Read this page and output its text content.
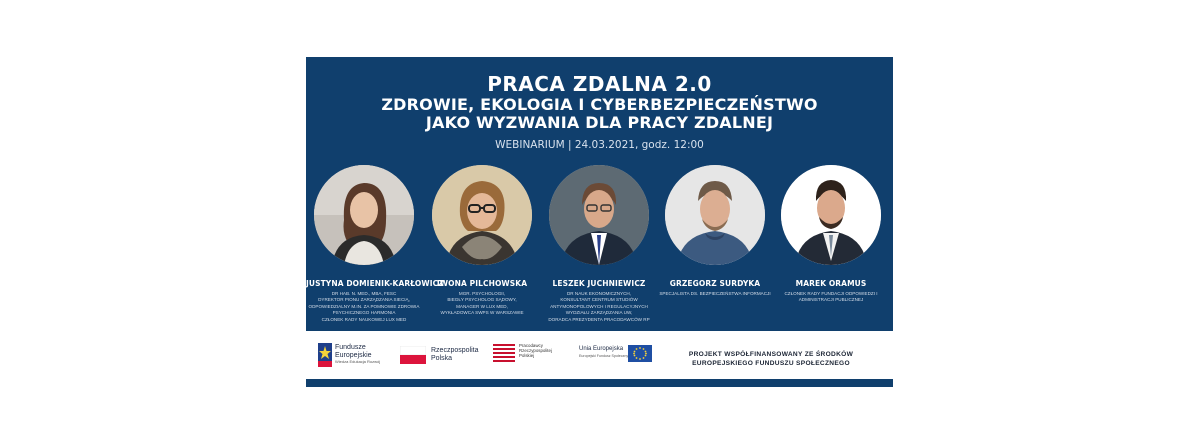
PRACA ZDALNA 2.0
ZDROWIE, EKOLOGIA I CYBERBEZPIECZEŃSTWO
JAKO WYZWANIA DLA PRACY ZDALNEJ
WEBINARIUM | 24.03.2021, godz. 12:00
JUSTYNA DOMIENIK-KARŁOWICZ
DR HAB. N. MED., MBA, FESC
DYREKTOR PIONU ZARZĄDZANIA SIECIĄ,
ODPOWIEDZIALNY M.IN. ZA POMNOWIE ZDROWIA
PSYCHICZNEGO HARMONIA
CZŁONEK RADY NAUKOWEJ LUX MED
IWONA PILCHOWSKA
MGR. PSYCHOLOGII,
BIEGŁY PSYCHOLOG SĄDOWY,
MANAGER W LUX MED,
WYKŁADOWCA SWPS W WARSZAWIE
LESZEK JUCHNIEWICZ
DR NAUK EKONOMICZNYCH,
KONSULTANT CENTRUM STUDIÓW
ANTYMONOPOLOWYCH I REGULACYJNYCH
WYDZIAŁU ZARZĄDZANIA UW,
DORADCA PREZYDENTA PRACODAWCÓW RP
GRZEGORZ SURDYKA
SPECJALISTA DS. BEZPIECZEŃSTWA INFORMACJI
MAREK ORAMUS
CZŁONEK RADY FUNDACJI ODPOWIEDZI I
ADMINISTRACJI PUBLICZNEJ
Fundusze
Europejskie
Wiedza Edukacja Rozwój
Rzeczpospolita
Polska
Pracodawcy
Rzeczypospolitej
Polskiej
Unia Europejska
Europejski Fundusz Społeczny	PROJEKT WSPÓŁFINANSOWANY ZE ŚRODKÓW
EUROPEJSKIEGO FUNDUSZU SPOŁECZNEGO
